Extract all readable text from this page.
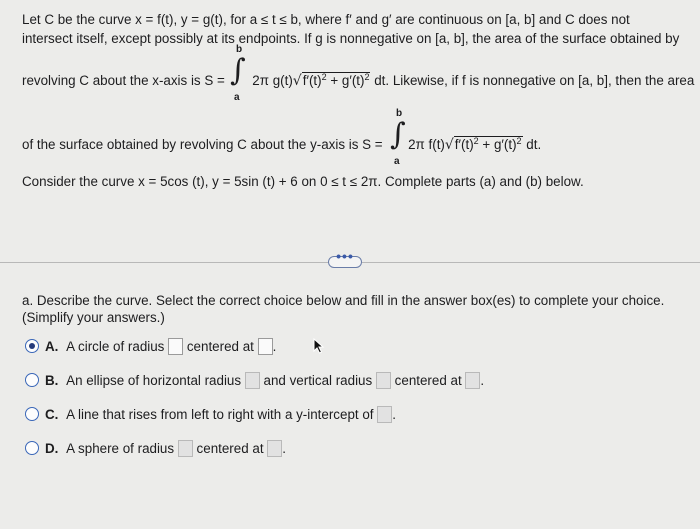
Let C be the curve x = f(t), y = g(t), for a ≤ t ≤ b, where f′ and g′ are continuous on [a, b] and C does not
intersect itself, except possibly at its endpoints. If g is nonnegative on [a, b], the area of the surface obtained by
revolving C about the x-axis is S = 2π $g(t)√f'(t)^2 + g'(t)^2$ dt. Likewise, if f is nonnegative on [a, b], then the area
b
∫
a
of the surface obtained by revolving C about the y-axis is S = 2π $f(t)√f'(t)^2 + g'(t)^2$ dt.
b
∫
a
Consider the curve x = 5cos (t), y = 5sin (t) + 6 on 0 ≤ t ≤ 2π. Complete parts (a) and (b) below.
•••
a. Describe the curve. Select the correct choice below and fill in the answer box(es) to complete your choice.
(Simplify your answers.)
A. A circle of radius centered at .
B. An ellipse of horizontal radius and vertical radius centered at .
C. A line that rises from left to right with a y-intercept of .
D. A sphere of radius centered at .
